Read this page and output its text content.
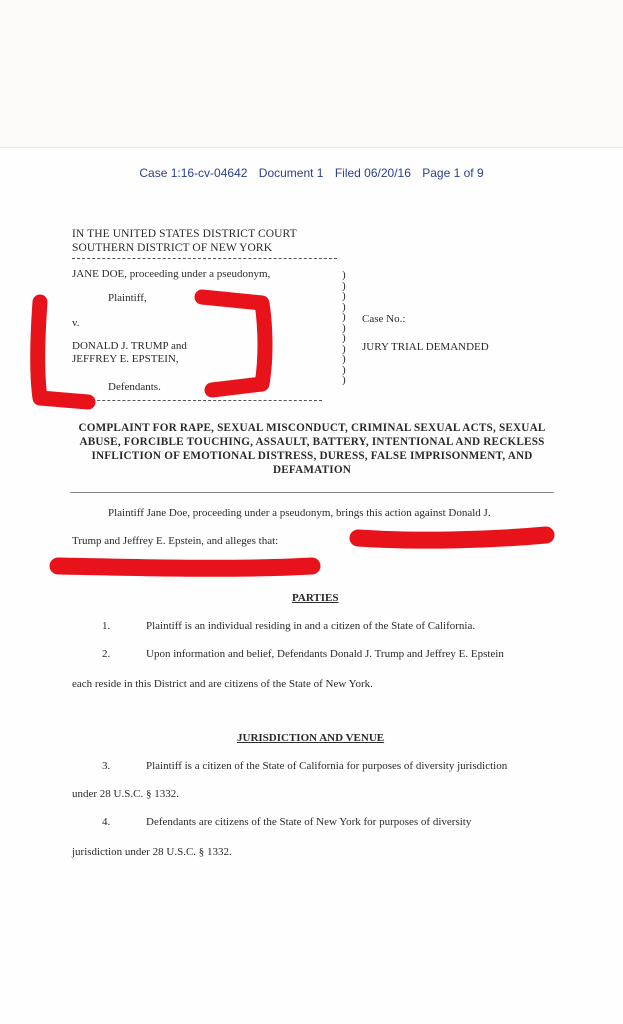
Case 1:16-cv-04642 Document 1 Filed 06/20/16 Page 1 of 9
IN THE UNITED STATES DISTRICT COURT
SOUTHERN DISTRICT OF NEW YORK
JANE DOE, proceeding under a pseudonym,
Plaintiff,
v.
DONALD J. TRUMP and
JEFFREY E. EPSTEIN,
Defendants.
)
)
)
)
)
)
)
)
)
)
)
Case No.:
JURY TRIAL DEMANDED
COMPLAINT FOR RAPE, SEXUAL MISCONDUCT, CRIMINAL SEXUAL ACTS, SEXUAL ABUSE, FORCIBLE TOUCHING, ASSAULT, BATTERY, INTENTIONAL AND RECKLESS INFLICTION OF EMOTIONAL DISTRESS, DURESS, FALSE IMPRISONMENT, AND DEFAMATION
Plaintiff Jane Doe, proceeding under a pseudonym, brings this action against Donald J.
Trump and Jeffrey E. Epstein, and alleges that:
PARTIES
1.	Plaintiff is an individual residing in and a citizen of the State of California.
2.	Upon information and belief, Defendants Donald J. Trump and Jeffrey E. Epstein
each reside in this District and are citizens of the State of New York.
JURISDICTION AND VENUE
3.	Plaintiff is a citizen of the State of California for purposes of diversity jurisdiction
under 28 U.S.C. § 1332.
4.	Defendants are citizens of the State of New York for purposes of diversity
jurisdiction under 28 U.S.C. § 1332.
